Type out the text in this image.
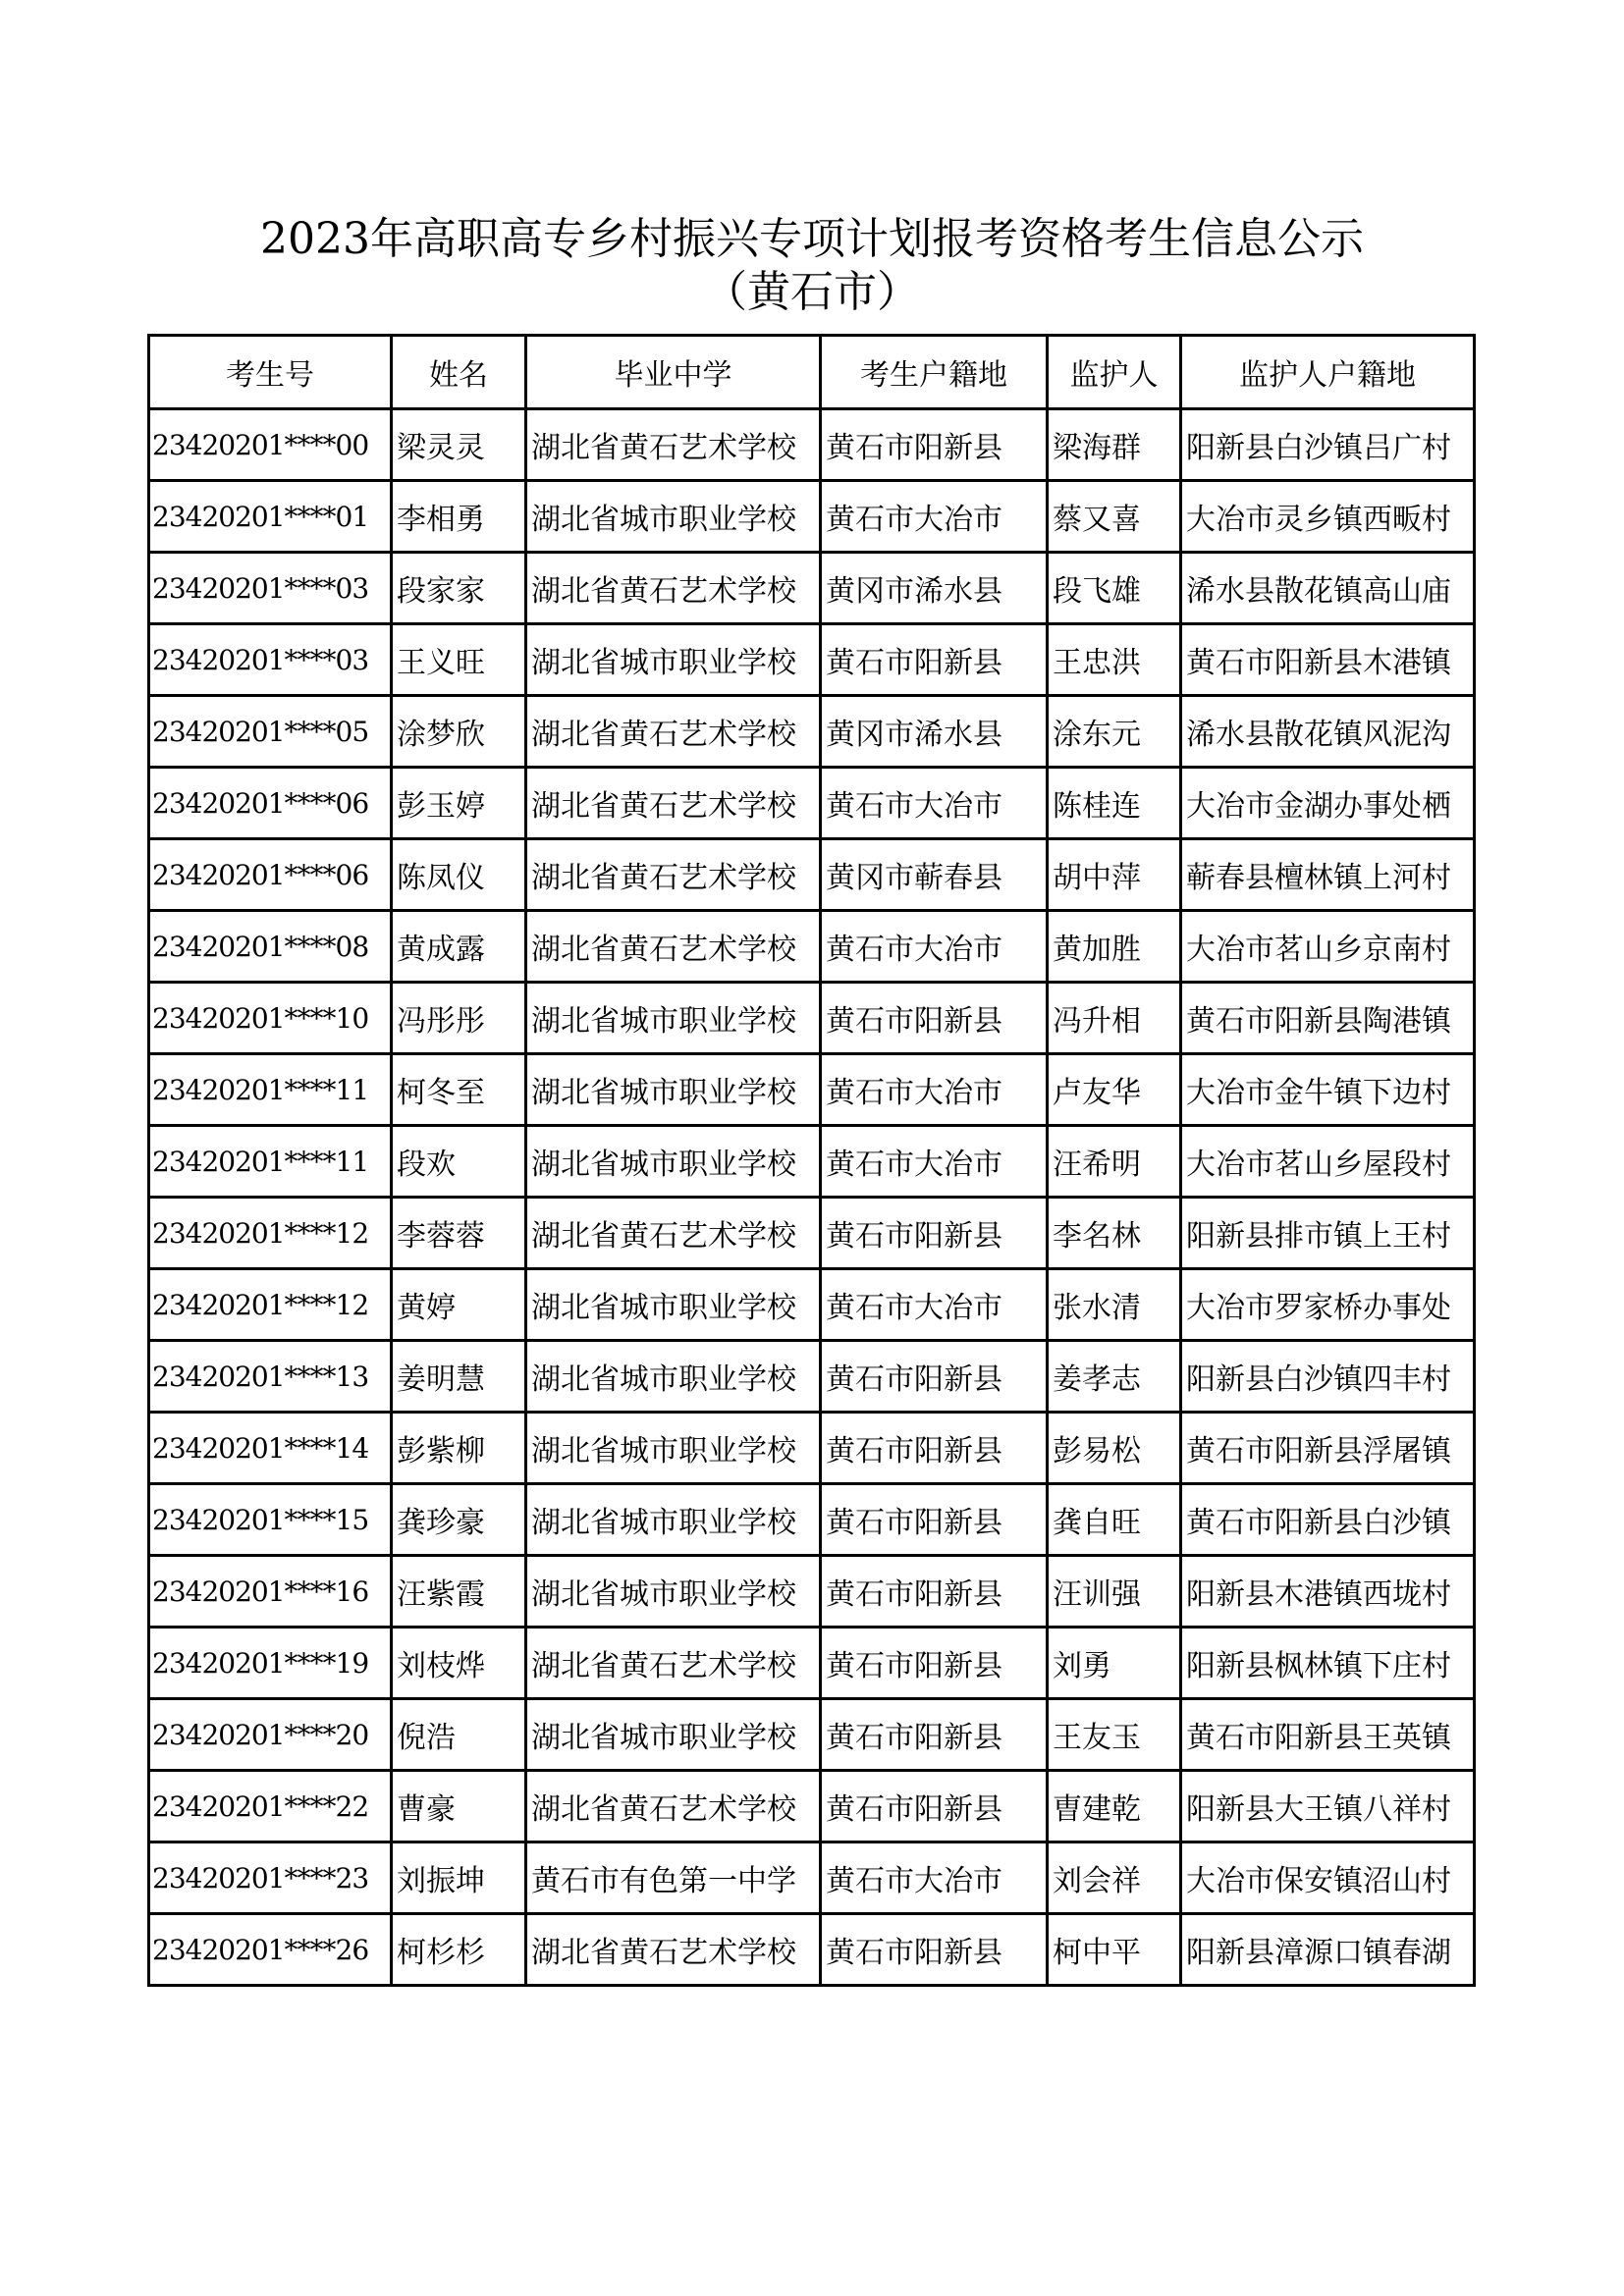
2023年高职高专乡村振兴专项计划报考资格考生信息公示
（黄石市）
考生号	姓名	毕业中学	考生户籍地	监护人	监护人户籍地
23420201****00	梁灵灵	湖北省黄石艺术学校	黄石市阳新县	梁海群	阳新县白沙镇吕广村
23420201****01	李相勇	湖北省城市职业学校	黄石市大冶市	蔡又喜	大冶市灵乡镇西畈村
23420201****03	段家家	湖北省黄石艺术学校	黄冈市浠水县	段飞雄	浠水县散花镇高山庙
23420201****03	王义旺	湖北省城市职业学校	黄石市阳新县	王忠洪	黄石市阳新县木港镇
23420201****05	涂梦欣	湖北省黄石艺术学校	黄冈市浠水县	涂东元	浠水县散花镇风泥沟
23420201****06	彭玉婷	湖北省黄石艺术学校	黄石市大冶市	陈桂连	大冶市金湖办事处栖
23420201****06	陈凤仪	湖北省黄石艺术学校	黄冈市蕲春县	胡中萍	蕲春县檀林镇上河村
23420201****08	黄成露	湖北省黄石艺术学校	黄石市大冶市	黄加胜	大冶市茗山乡京南村
23420201****10	冯彤彤	湖北省城市职业学校	黄石市阳新县	冯升相	黄石市阳新县陶港镇
23420201****11	柯冬至	湖北省城市职业学校	黄石市大冶市	卢友华	大冶市金牛镇下边村
23420201****11	段欢	湖北省城市职业学校	黄石市大冶市	汪希明	大冶市茗山乡屋段村
23420201****12	李蓉蓉	湖北省黄石艺术学校	黄石市阳新县	李名林	阳新县排市镇上王村
23420201****12	黄婷	湖北省城市职业学校	黄石市大冶市	张水清	大冶市罗家桥办事处
23420201****13	姜明慧	湖北省城市职业学校	黄石市阳新县	姜孝志	阳新县白沙镇四丰村
23420201****14	彭紫柳	湖北省城市职业学校	黄石市阳新县	彭易松	黄石市阳新县浮屠镇
23420201****15	龚珍豪	湖北省城市职业学校	黄石市阳新县	龚自旺	黄石市阳新县白沙镇
23420201****16	汪紫霞	湖北省城市职业学校	黄石市阳新县	汪训强	阳新县木港镇西垅村
23420201****19	刘枝烨	湖北省黄石艺术学校	黄石市阳新县	刘勇	阳新县枫林镇下庄村
23420201****20	倪浩	湖北省城市职业学校	黄石市阳新县	王友玉	黄石市阳新县王英镇
23420201****22	曹豪	湖北省黄石艺术学校	黄石市阳新县	曺建乾	阳新县大王镇八祥村
23420201****23	刘振坤	黄石市有色第一中学	黄石市大冶市	刘会祥	大冶市保安镇沼山村
23420201****26	柯杉杉	湖北省黄石艺术学校	黄石市阳新县	柯中平	阳新县漳源口镇春湖
